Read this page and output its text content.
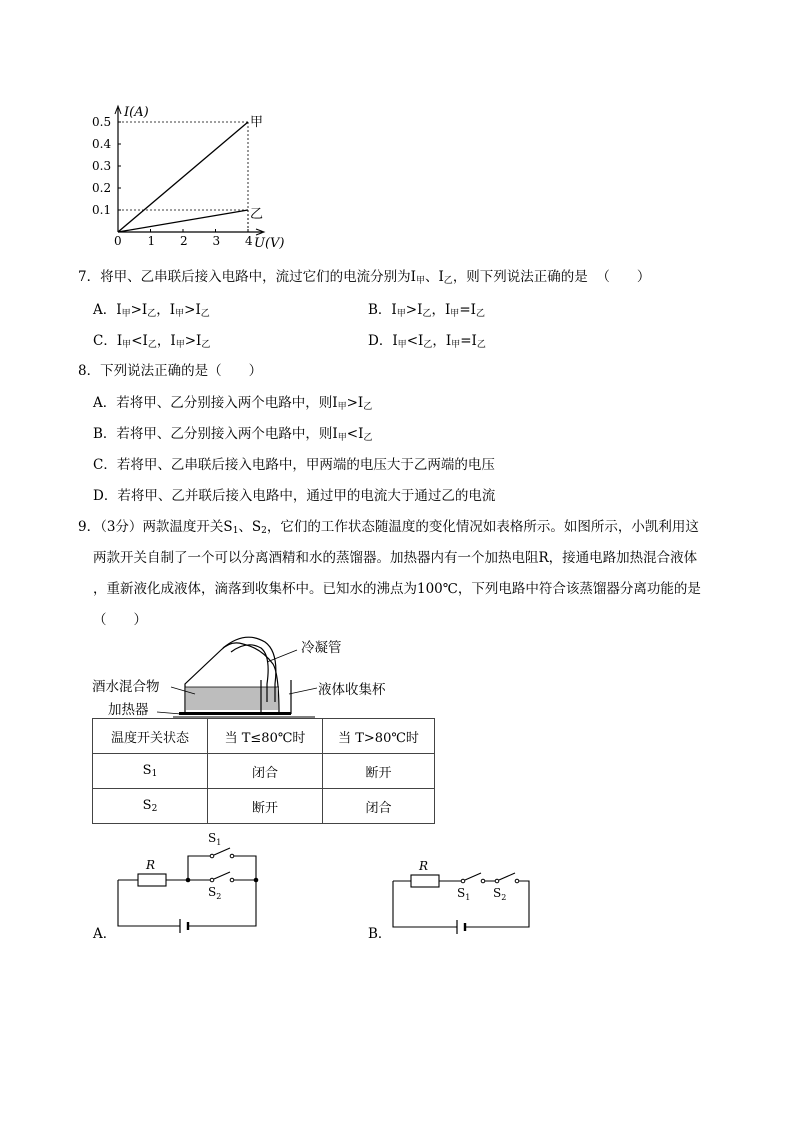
0 1 2 3 4
0.5
0.4
0.3
0.2
0.1
I(A)
U(V)
甲
乙
7．将甲、乙串联后接入电路中，流过它们的电流分别为$I_甲$、$I_乙$，则下列说法正确的是 （　　）
A．$I_甲>I_乙$，$I_甲>I_乙$	B．$I_甲>I_乙$，$I_甲=I_乙$
C．$I_甲<I_乙$，$I_甲>I_乙$	D．$I_甲<I_乙$，$I_甲=I_乙$
8．下列说法正确的是（　　）
A．若将甲、乙分别接入两个电路中，则$I_甲>I_乙$
B．若将甲、乙分别接入两个电路中，则$I_甲<I_乙$
C．若将甲、乙串联后接入电路中，甲两端的电压大于乙两端的电压
D．若将甲、乙并联后接入电路中，通过甲的电流大于通过乙的电流
9．（3分）两款温度开关$S_1$、$S_2$，它们的工作状态随温度的变化情况如表格所示。如图所示，小凯利用这
两款开关自制了一个可以分离酒精和水的蒸馏器。加热器内有一个加热电阻R，接通电路加热混合液体
，重新液化成液体，滴落到收集杯中。已知水的沸点为100℃，下列电路中符合该蒸馏器分离功能的是
（　　）
冷凝管
酒水混合物	液体收集杯
加热器
温度开关状态	当 T≤80℃时	当 T>80℃时
$S_1$	闭合	断开
$S_2$	断开	闭合
R
$S_1$
$S_2$
A．
R
$S_1$ $S_2$
B．
